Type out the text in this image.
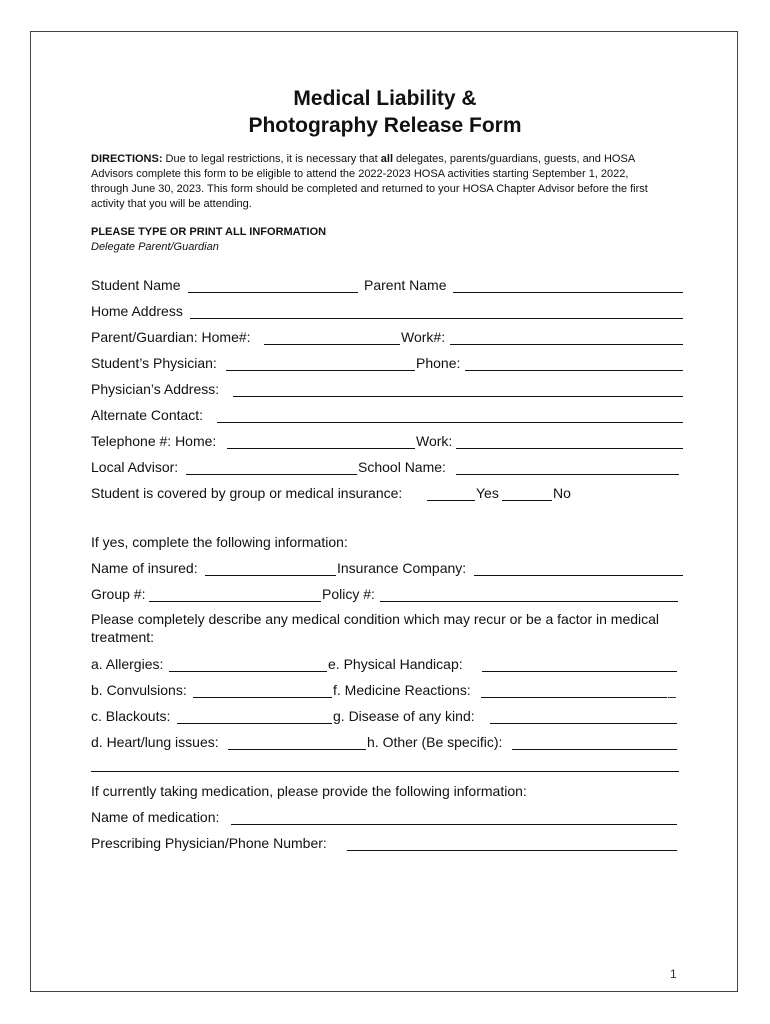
Medical Liability &
Photography Release Form
DIRECTIONS: Due to legal restrictions, it is necessary that all delegates, parents/guardians, guests, and HOSA Advisors complete this form to be eligible to attend the 2022-2023 HOSA activities starting September 1, 2022, through June 30, 2023. This form should be completed and returned to your HOSA Chapter Advisor before the first activity that you will be attending.
PLEASE TYPE OR PRINT ALL INFORMATION
Delegate Parent/Guardian
Student Name	Parent Name
Home Address
Parent/Guardian: Home#:	Work#:
Student’s Physician:	Phone:
Physician’s Address:
Alternate Contact:
Telephone #: Home:	Work:
Local Advisor:	School Name:
Student is covered by group or medical insurance:	Yes	No
If yes, complete the following information:
Name of insured:	Insurance Company:
Group #:	Policy #:
Please completely describe any medical condition which may recur or be a factor in medical treatment:
a. Allergies:	e. Physical Handicap:
b. Convulsions:	f. Medicine Reactions:	_
c. Blackouts:	g. Disease of any kind:
d. Heart/lung issues:	h. Other (Be specific):
If currently taking medication, please provide the following information:
Name of medication:
Prescribing Physician/Phone Number:
1
